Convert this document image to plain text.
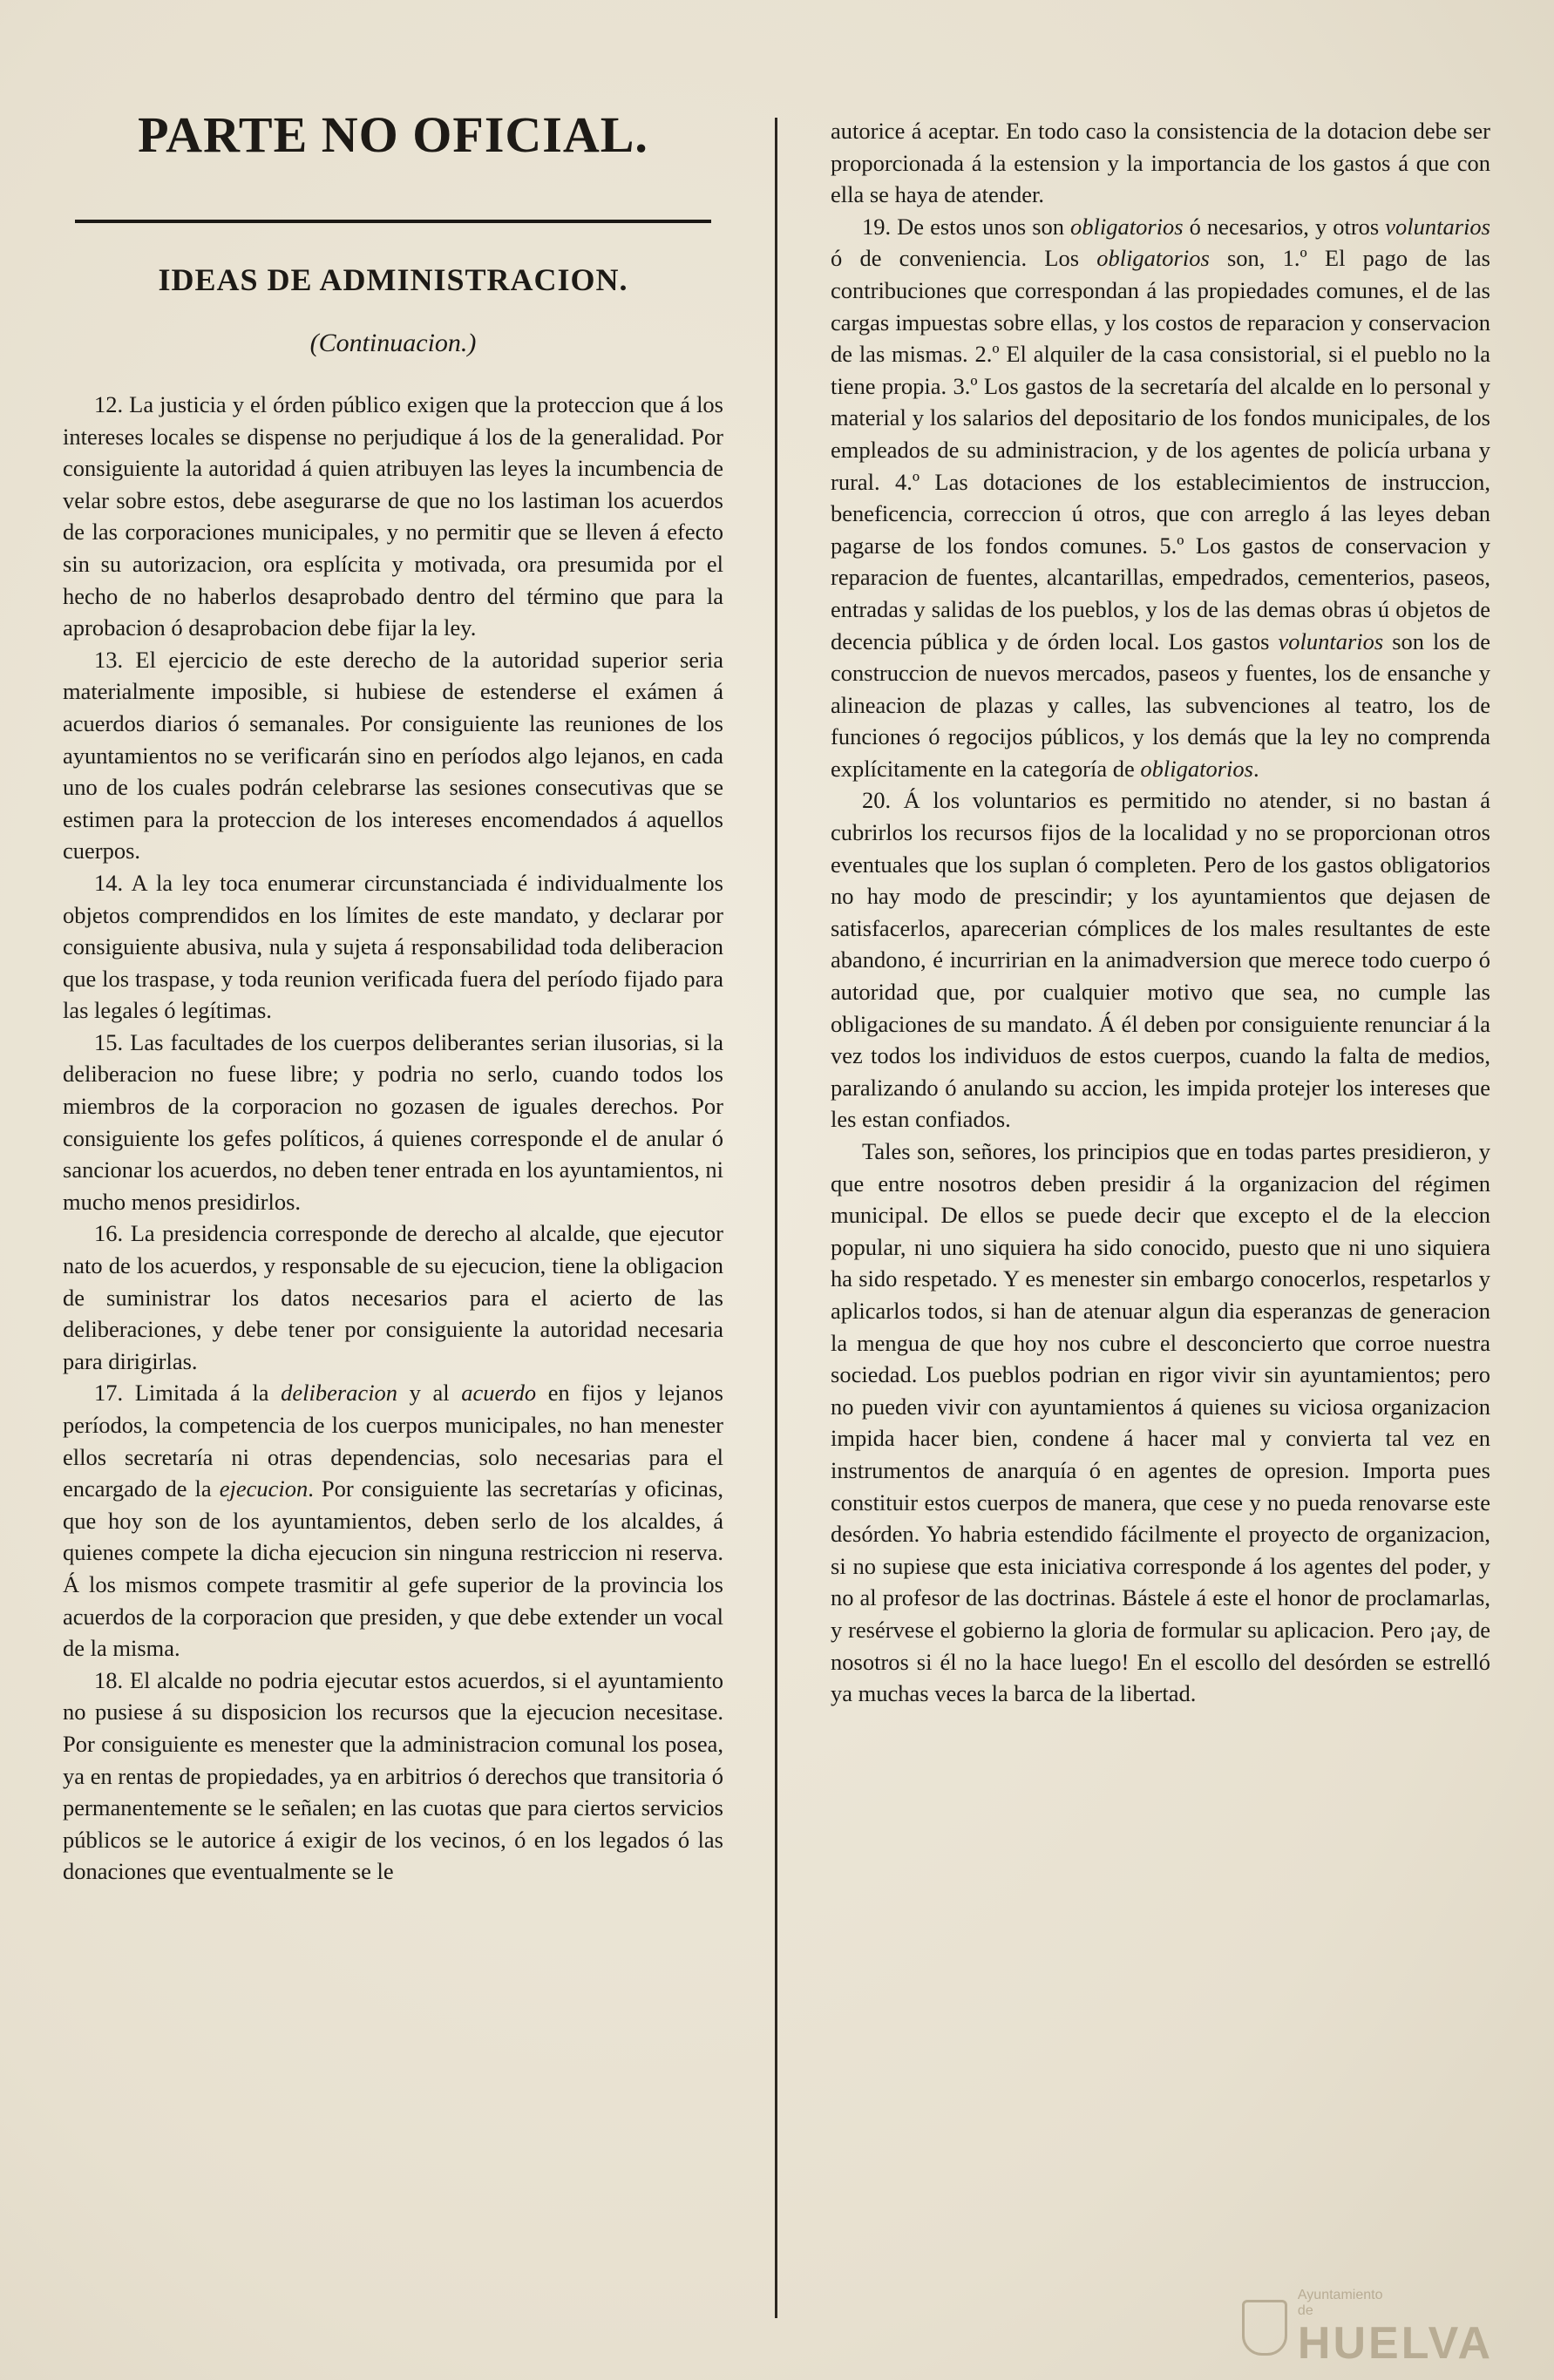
PARTE NO OFICIAL.
IDEAS DE ADMINISTRACION.
(Continuacion.)

12. La justicia y el órden público exigen que la proteccion que á los intereses locales se dispense no perjudique á los de la generalidad. Por consiguiente la autoridad á quien atribuyen las leyes la incumbencia de velar sobre estos, debe asegurarse de que no los lastiman los acuerdos de las corporaciones municipales, y no permitir que se lleven á efecto sin su autorizacion, ora esplícita y motivada, ora presumida por el hecho de no haberlos desaprobado dentro del término que para la aprobacion ó desaprobacion debe fijar la ley.

13. El ejercicio de este derecho de la autoridad superior seria materialmente imposible, si hubiese de estenderse el exámen á acuerdos diarios ó semanales. Por consiguiente las reuniones de los ayuntamientos no se verificarán sino en períodos algo lejanos, en cada uno de los cuales podrán celebrarse las sesiones consecutivas que se estimen para la proteccion de los intereses encomendados á aquellos cuerpos.

14. A la ley toca enumerar circunstanciada é individualmente los objetos comprendidos en los límites de este mandato, y declarar por consiguiente abusiva, nula y sujeta á responsabilidad toda deliberacion que los traspase, y toda reunion verificada fuera del período fijado para las legales ó legítimas.

15. Las facultades de los cuerpos deliberantes serian ilusorias, si la deliberacion no fuese libre; y podria no serlo, cuando todos los miembros de la corporacion no gozasen de iguales derechos. Por consiguiente los gefes políticos, á quienes corresponde el de anular ó sancionar los acuerdos, no deben tener entrada en los ayuntamientos, ni mucho menos presidirlos.

16. La presidencia corresponde de derecho al alcalde, que ejecutor nato de los acuerdos, y responsable de su ejecucion, tiene la obligacion de suministrar los datos necesarios para el acierto de las deliberaciones, y debe tener por consiguiente la autoridad necesaria para dirigirlas.

17. Limitada á la deliberacion y al acuerdo en fijos y lejanos períodos, la competencia de los cuerpos municipales, no han menester ellos secretaría ni otras dependencias, solo necesarias para el encargado de la ejecucion. Por consiguiente las secretarías y oficinas, que hoy son de los ayuntamientos, deben serlo de los alcaldes, á quienes compete la dicha ejecucion sin ninguna restriccion ni reserva. Á los mismos compete trasmitir al gefe superior de la provincia los acuerdos de la corporacion que presiden, y que debe extender un vocal de la misma.

18. El alcalde no podria ejecutar estos acuerdos, si el ayuntamiento no pusiese á su disposicion los recursos que la ejecucion necesitase. Por consiguiente es menester que la administracion comunal los posea, ya en rentas de propiedades, ya en arbitrios ó derechos que transitoria ó permanentemente se le señalen; en las cuotas que para ciertos servicios públicos se le autorice á exigir de los vecinos, ó en los legados ó las donaciones que eventualmente se le

autorice á aceptar. En todo caso la consistencia de la dotacion debe ser proporcionada á la estension y la importancia de los gastos á que con ella se haya de atender.

19. De estos unos son obligatorios ó necesarios, y otros voluntarios ó de conveniencia. Los obligatorios son, 1.º El pago de las contribuciones que correspondan á las propiedades comunes, el de las cargas impuestas sobre ellas, y los costos de reparacion y conservacion de las mismas. 2.º El alquiler de la casa consistorial, si el pueblo no la tiene propia. 3.º Los gastos de la secretaría del alcalde en lo personal y material y los salarios del depositario de los fondos municipales, de los empleados de su administracion, y de los agentes de policía urbana y rural. 4.º Las dotaciones de los establecimientos de instruccion, beneficencia, correccion ú otros, que con arreglo á las leyes deban pagarse de los fondos comunes. 5.º Los gastos de conservacion y reparacion de fuentes, alcantarillas, empedrados, cementerios, paseos, entradas y salidas de los pueblos, y los de las demas obras ú objetos de decencia pública y de órden local. Los gastos voluntarios son los de construccion de nuevos mercados, paseos y fuentes, los de ensanche y alineacion de plazas y calles, las subvenciones al teatro, los de funciones ó regocijos públicos, y los demás que la ley no comprenda explícitamente en la categoría de obligatorios.

20. Á los voluntarios es permitido no atender, si no bastan á cubrirlos los recursos fijos de la localidad y no se proporcionan otros eventuales que los suplan ó completen. Pero de los gastos obligatorios no hay modo de prescindir; y los ayuntamientos que dejasen de satisfacerlos, aparecerian cómplices de los males resultantes de este abandono, é incurririan en la animadversion que merece todo cuerpo ó autoridad que, por cualquier motivo que sea, no cumple las obligaciones de su mandato. Á él deben por consiguiente renunciar á la vez todos los individuos de estos cuerpos, cuando la falta de medios, paralizando ó anulando su accion, les impida protejer los intereses que les estan confiados.

Tales son, señores, los principios que en todas partes presidieron, y que entre nosotros deben presidir á la organizacion del régimen municipal. De ellos se puede decir que excepto el de la eleccion popular, ni uno siquiera ha sido conocido, puesto que ni uno siquiera ha sido respetado. Y es menester sin embargo conocerlos, respetarlos y aplicarlos todos, si han de atenuar algun dia esperanzas de generacion la mengua de que hoy nos cubre el desconcierto que corroe nuestra sociedad. Los pueblos podrian en rigor vivir sin ayuntamientos; pero no pueden vivir con ayuntamientos á quienes su viciosa organizacion impida hacer bien, condene á hacer mal y convierta tal vez en instrumentos de anarquía ó en agentes de opresion. Importa pues constituir estos cuerpos de manera, que cese y no pueda renovarse este desórden. Yo habria estendido fácilmente el proyecto de organizacion, si no supiese que esta iniciativa corresponde á los agentes del poder, y no al profesor de las doctrinas. Bástele á este el honor de proclamarlas, y resérvese el gobierno la gloria de formular su aplicacion. Pero ¡ay, de nosotros si él no la hace luego! En el escollo del desórden se estrelló ya muchas veces la barca de la libertad.

Ayuntamiento
de
HUELVA
